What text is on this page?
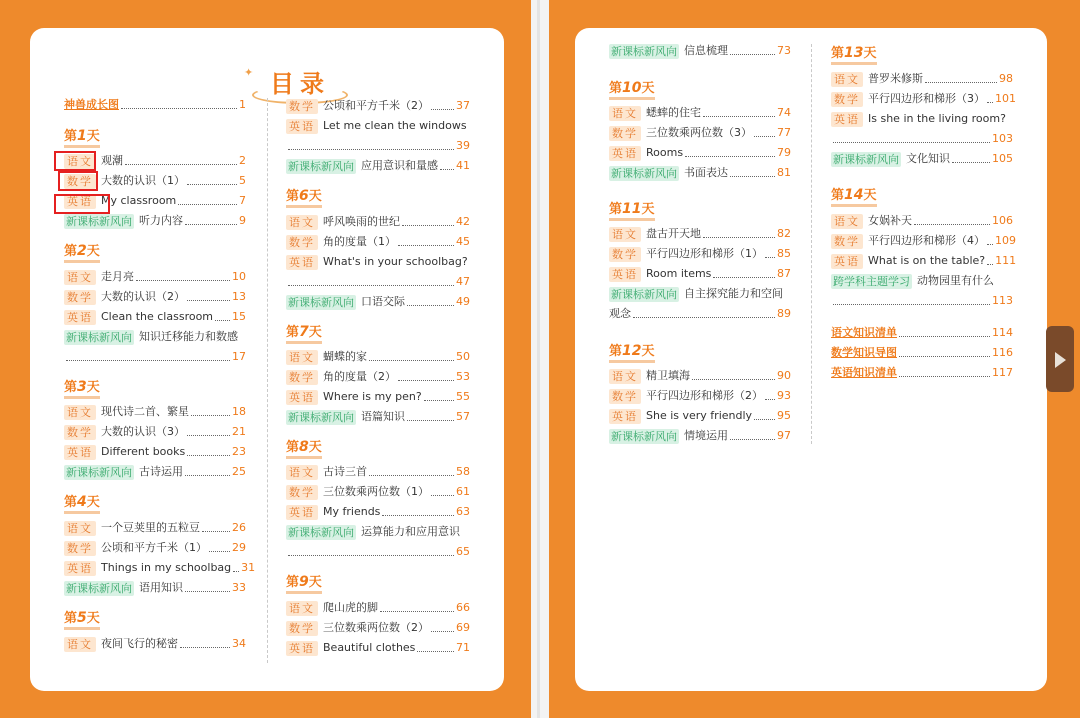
目录
✦
神兽成长图	1
第1天
语文 观潮	2
数学 大数的认识（1）	5
英语 My classroom	7
新课标新风向 听力内容	9
第2天
语文 走月亮	10
数学 大数的认识（2）	13
英语 Clean the classroom 15
新课标新风向 知识迁移能力和数感
17
第3天
语文 现代诗二首、繁星	18
数学 大数的认识（3）	21
英语 Different books	23
新课标新风向 古诗运用	25
第4天
语文 一个豆荚里的五粒豆	26
数学 公顷和平方千米（1） 29
英语 Things in my schoolbag 31
新课标新风向 语用知识	33
第5天
语文 夜间飞行的秘密	34
数学 公顷和平方千米（2） 37
英语 Let me clean the windows
39
新课标新风向 应用意识和量感 41
第6天
语文 呼风唤雨的世纪	42
数学 角的度量（1）	45
英语 What's in your schoolbag?
47
新课标新风向 口语交际	49
第7天
语文 蝴蝶的家	50
数学 角的度量（2）	53
英语 Where is my pen?	55
新课标新风向 语篇知识	57
第8天
语文 古诗三首	58
数学 三位数乘两位数（1） 61
英语 My friends	63
新课标新风向 运算能力和应用意识
65
第9天
语文 爬山虎的脚	66
数学 三位数乘两位数（2） 69
英语 Beautiful clothes	71
新课标新风向 信息梳理	73
第10天
语文 蟋蟀的住宅	74
数学 三位数乘两位数（3） 77
英语 Rooms	79
新课标新风向 书面表达	81
第11天
语文 盘古开天地	82
数学 平行四边形和梯形（1） 85
英语 Room items	87
新课标新风向 自主探究能力和空间
观念	89
第12天
语文 精卫填海	90
数学 平行四边形和梯形（2） 93
英语 She is very friendly 95
新课标新风向 情境运用	97
第13天
语文 普罗米修斯	98
数学 平行四边形和梯形（3） 101
英语 Is she in the living room?
103
新课标新风向 文化知识	105
第14天
语文 女娲补天	106
数学 平行四边形和梯形（4） 109
英语 What is on the table? 111
跨学科主题学习 动物园里有什么
113
语文知识清单	114
数学知识导图	116
英语知识清单	117
